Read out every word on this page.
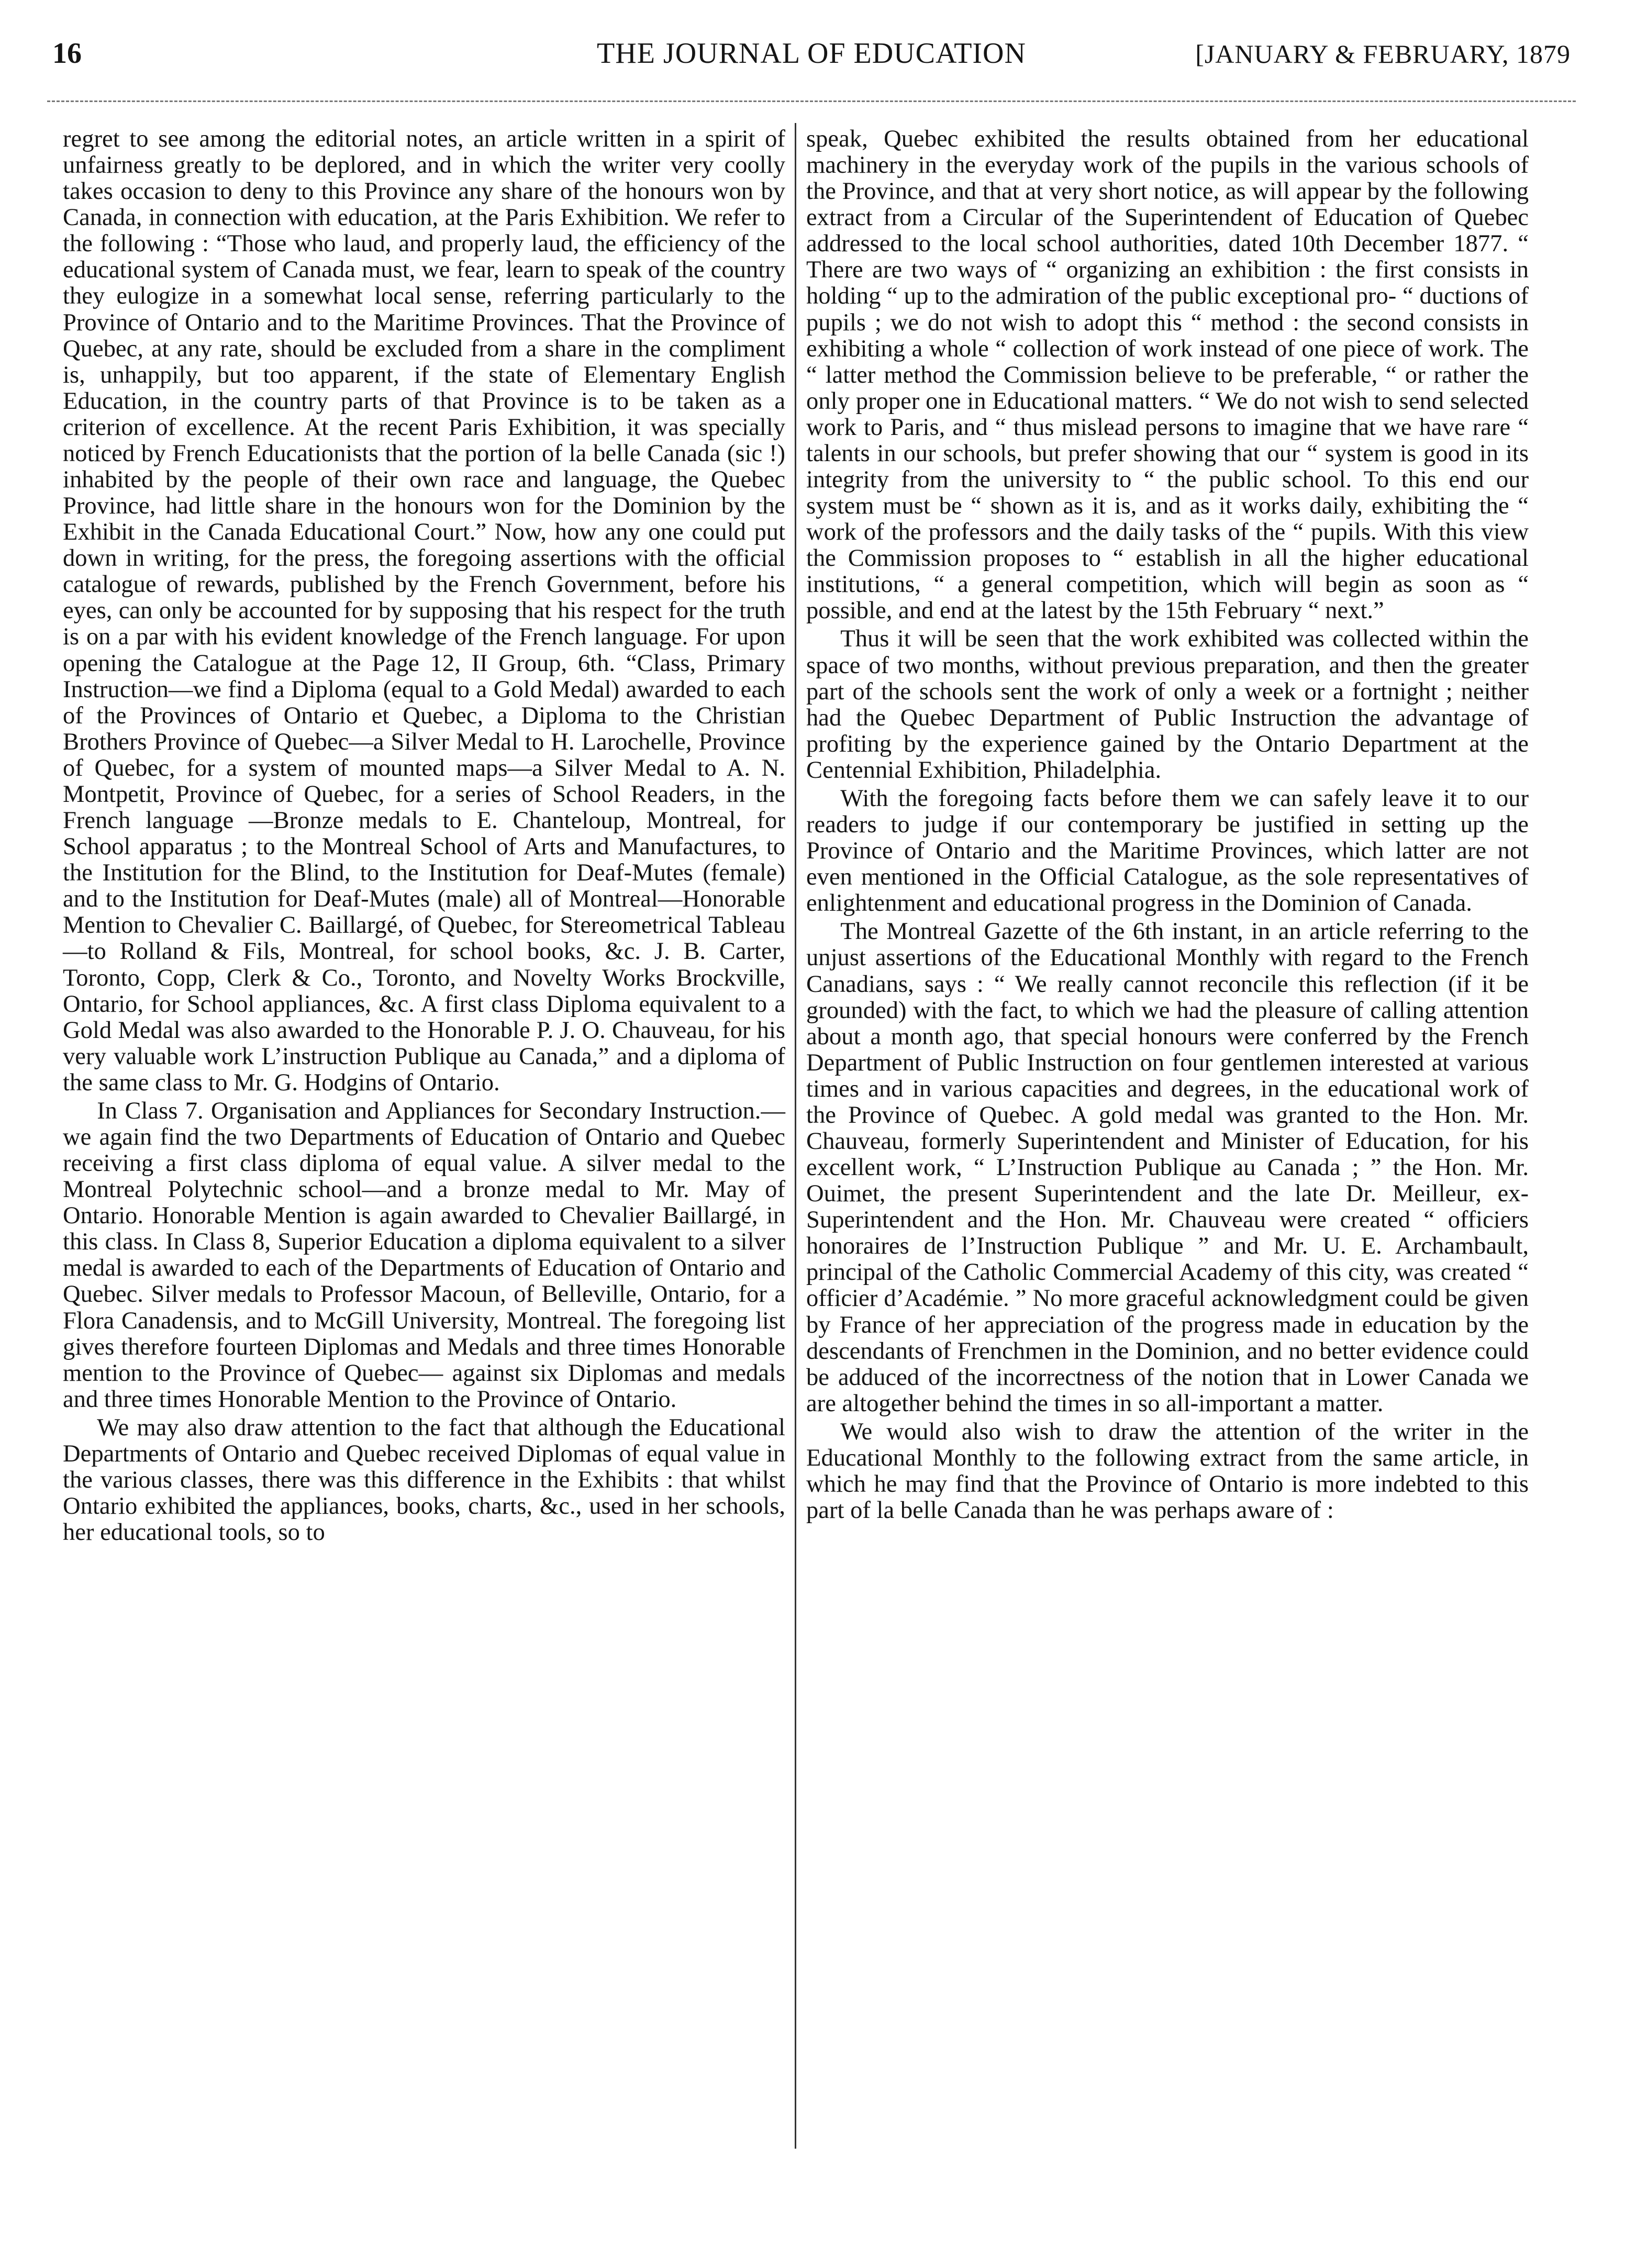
16	THE JOURNAL OF EDUCATION	[JANUARY & FEBRUARY, 1879

regret to see among the editorial notes, an article written in a spirit of unfairness greatly to be deplored, and in which the writer very coolly takes occasion to deny to this Province any share of the honours won by Canada, in connection with education, at the Paris Exhibition. We refer to the following : “Those who laud, and properly laud, the efficiency of the educational system of Canada must, we fear, learn to speak of the country they eulogize in a somewhat local sense, referring particularly to the Province of Ontario and to the Maritime Provinces. That the Province of Quebec, at any rate, should be excluded from a share in the compliment is, unhappily, but too apparent, if the state of Elementary English Education, in the country parts of that Province is to be taken as a criterion of excellence. At the recent Paris Exhibition, it was specially noticed by French Educationists that the portion of la belle Canada (sic !) inhabited by the people of their own race and language, the Quebec Province, had little share in the honours won for the Dominion by the Exhibit in the Canada Educational Court.” Now, how any one could put down in writing, for the press, the foregoing assertions with the official catalogue of rewards, published by the French Government, before his eyes, can only be accounted for by supposing that his respect for the truth is on a par with his evident knowledge of the French language. For upon opening the Catalogue at the Page 12, II Group, 6th. “Class, Primary Instruction—we find a Diploma (equal to a Gold Medal) awarded to each of the Provinces of Ontario et Quebec, a Diploma to the Christian Brothers Province of Quebec—a Silver Medal to H. Larochelle, Province of Quebec, for a system of mounted maps—a Silver Medal to A. N. Montpetit, Province of Quebec, for a series of School Readers, in the French language —Bronze medals to E. Chanteloup, Montreal, for School apparatus ; to the Montreal School of Arts and Manufactures, to the Institution for the Blind, to the Institution for Deaf-Mutes (female) and to the Institution for Deaf-Mutes (male) all of Montreal—Honorable Mention to Chevalier C. Baillargé, of Quebec, for Stereometrical Tableau—to Rolland & Fils, Montreal, for school books, &c. J. B. Carter, Toronto, Copp, Clerk & Co., Toronto, and Novelty Works Brockville, Ontario, for School appliances, &c. A first class Diploma equivalent to a Gold Medal was also awarded to the Honorable P. J. O. Chauveau, for his very valuable work L’instruction Publique au Canada,” and a diploma of the same class to Mr. G. Hodgins of Ontario.

In Class 7. Organisation and Appliances for Secondary Instruction.—we again find the two Departments of Education of Ontario and Quebec receiving a first class diploma of equal value. A silver medal to the Montreal Polytechnic school—and a bronze medal to Mr. May of Ontario. Honorable Mention is again awarded to Chevalier Baillargé, in this class. In Class 8, Superior Education a diploma equivalent to a silver medal is awarded to each of the Departments of Education of Ontario and Quebec. Silver medals to Professor Macoun, of Belleville, Ontario, for a Flora Canadensis, and to McGill University, Montreal. The foregoing list gives therefore fourteen Diplomas and Medals and three times Honorable mention to the Province of Quebec— against six Diplomas and medals and three times Honorable Mention to the Province of Ontario.

We may also draw attention to the fact that although the Educational Departments of Ontario and Quebec received Diplomas of equal value in the various classes, there was this difference in the Exhibits : that whilst Ontario exhibited the appliances, books, charts, &c., used in her schools, her educational tools, so to

speak, Quebec exhibited the results obtained from her educational machinery in the everyday work of the pupils in the various schools of the Province, and that at very short notice, as will appear by the following extract from a Circular of the Superintendent of Education of Quebec addressed to the local school authorities, dated 10th December 1877. “ There are two ways of “ organizing an exhibition : the first consists in holding “ up to the admiration of the public exceptional pro- “ ductions of pupils ; we do not wish to adopt this “ method : the second consists in exhibiting a whole “ collection of work instead of one piece of work. The “ latter method the Commission believe to be preferable, “ or rather the only proper one in Educational matters. “ We do not wish to send selected work to Paris, and “ thus mislead persons to imagine that we have rare “ talents in our schools, but prefer showing that our “ system is good in its integrity from the university to “ the public school. To this end our system must be “ shown as it is, and as it works daily, exhibiting the “ work of the professors and the daily tasks of the “ pupils. With this view the Commission proposes to “ establish in all the higher educational institutions, “ a general competition, which will begin as soon as “ possible, and end at the latest by the 15th February “ next.”

Thus it will be seen that the work exhibited was collected within the space of two months, without previous preparation, and then the greater part of the schools sent the work of only a week or a fortnight ; neither had the Quebec Department of Public Instruction the advantage of profiting by the experience gained by the Ontario Department at the Centennial Exhibition, Philadelphia.

With the foregoing facts before them we can safely leave it to our readers to judge if our contemporary be justified in setting up the Province of Ontario and the Maritime Provinces, which latter are not even mentioned in the Official Catalogue, as the sole representatives of enlightenment and educational progress in the Dominion of Canada.

The Montreal Gazette of the 6th instant, in an article referring to the unjust assertions of the Educational Monthly with regard to the French Canadians, says : “ We really cannot reconcile this reflection (if it be grounded) with the fact, to which we had the pleasure of calling attention about a month ago, that special honours were conferred by the French Department of Public Instruction on four gentlemen interested at various times and in various capacities and degrees, in the educational work of the Province of Quebec. A gold medal was granted to the Hon. Mr. Chauveau, formerly Superintendent and Minister of Education, for his excellent work, “ L’Instruction Publique au Canada ; ” the Hon. Mr. Ouimet, the present Superintendent and the late Dr. Meilleur, ex-Superintendent and the Hon. Mr. Chauveau were created “ officiers honoraires de l’Instruction Publique ” and Mr. U. E. Archambault, principal of the Catholic Commercial Academy of this city, was created “ officier d’Académie. ” No more graceful acknowledgment could be given by France of her appreciation of the progress made in education by the descendants of Frenchmen in the Dominion, and no better evidence could be adduced of the incorrectness of the notion that in Lower Canada we are altogether behind the times in so all-important a matter.

We would also wish to draw the attention of the writer in the Educational Monthly to the following extract from the same article, in which he may find that the Province of Ontario is more indebted to this part of la belle Canada than he was perhaps aware of :
